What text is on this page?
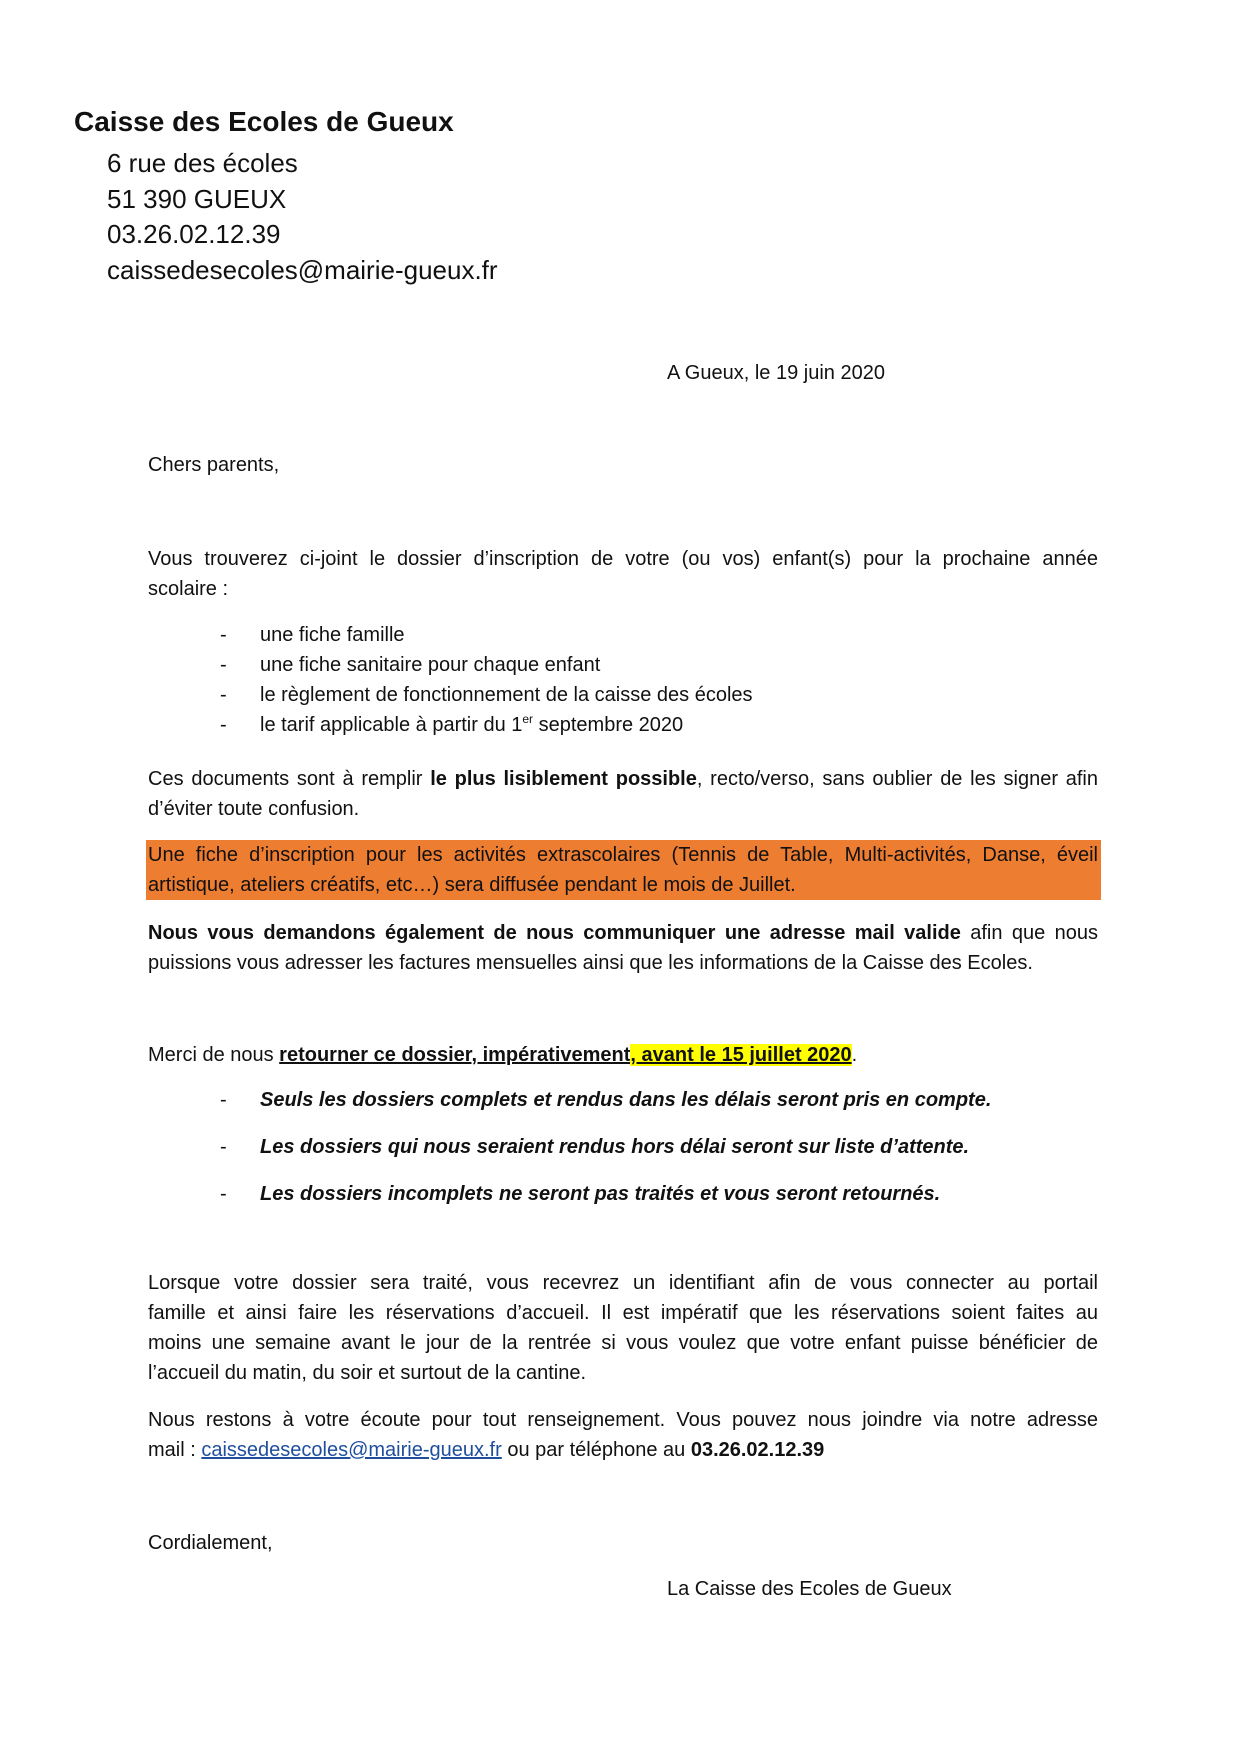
Caisse des Ecoles de Gueux
6 rue des écoles
51 390 GUEUX
03.26.02.12.39
caissedesecoles@mairie-gueux.fr
A Gueux, le 19 juin 2020
Chers parents,
Vous trouverez ci-joint le dossier d’inscription de votre (ou vos) enfant(s) pour la prochaine année
scolaire :
- une fiche famille
- une fiche sanitaire pour chaque enfant
- le règlement de fonctionnement de la caisse des écoles
- le tarif applicable à partir du 1er septembre 2020
Ces documents sont à remplir le plus lisiblement possible, recto/verso, sans oublier de les signer afin
d’éviter toute confusion.
Une fiche d’inscription pour les activités extrascolaires (Tennis de Table, Multi-activités, Danse, éveil
artistique, ateliers créatifs, etc…) sera diffusée pendant le mois de Juillet.
Nous vous demandons également de nous communiquer une adresse mail valide afin que nous
puissions vous adresser les factures mensuelles ainsi que les informations de la Caisse des Ecoles.
Merci de nous retourner ce dossier, impérativement, avant le 15 juillet 2020.
- Seuls les dossiers complets et rendus dans les délais seront pris en compte.
- Les dossiers qui nous seraient rendus hors délai seront sur liste d’attente.
- Les dossiers incomplets ne seront pas traités et vous seront retournés.
Lorsque votre dossier sera traité, vous recevrez un identifiant afin de vous connecter au portail
famille et ainsi faire les réservations d’accueil. Il est impératif que les réservations soient faites au
moins une semaine avant le jour de la rentrée si vous voulez que votre enfant puisse bénéficier de
l’accueil du matin, du soir et surtout de la cantine.
Nous restons à votre écoute pour tout renseignement. Vous pouvez nous joindre via notre adresse
mail : caissedesecoles@mairie-gueux.fr ou par téléphone au 03.26.02.12.39
Cordialement,
La Caisse des Ecoles de Gueux
